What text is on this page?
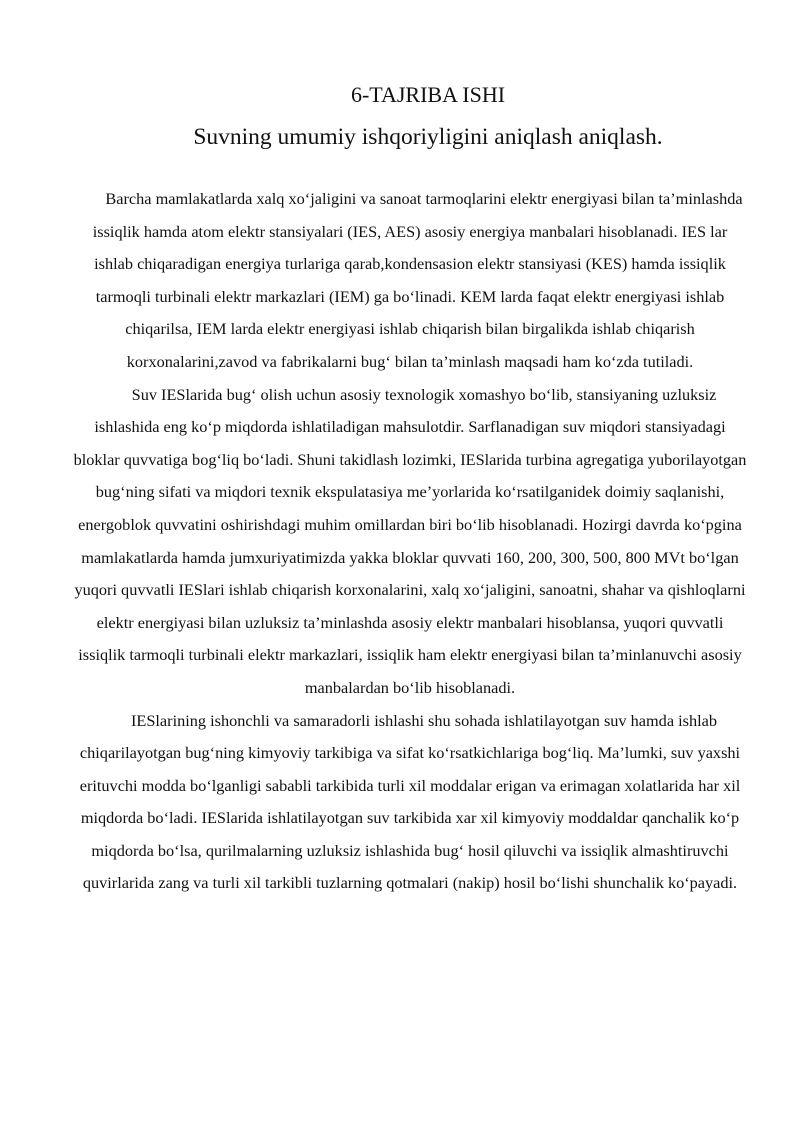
6-TAJRIBA ISHI
Suvning umumiy ishqoriyligini aniqlash aniqlash.

Barcha mamlakatlarda xalq xo‘jaligini va sanoat tarmoqlarini elektr energiyasi bilan ta’minlashda issiqlik hamda atom elektr stansiyalari (IES, AES) asosiy energiya manbalari hisoblanadi. IES lar ishlab chiqaradigan energiya turlariga qarab,kondensasion elektr stansiyasi (KES) hamda issiqlik tarmoqli turbinali elektr markazlari (IEM) ga bo‘linadi. KEM larda faqat elektr energiyasi ishlab chiqarilsa, IEM larda elektr energiyasi ishlab chiqarish bilan birgalikda ishlab chiqarish korxonalarini,zavod va fabrikalarni bug‘ bilan ta’minlash maqsadi ham ko‘zda tutiladi.

Suv IESlarida bug‘ olish uchun asosiy texnologik xomashyo bo‘lib, stansiyaning uzluksiz ishlashida eng ko‘p miqdorda ishlatiladigan mahsulotdir. Sarflanadigan suv miqdori stansiyadagi bloklar quvvatiga bog‘liq bo‘ladi. Shuni takidlash lozimki, IESlarida turbina agregatiga yuborilayotgan bug‘ning sifati va miqdori texnik ekspulatasiya me’yorlarida ko‘rsatilganidek doimiy saqlanishi, energoblok quvvatini oshirishdagi muhim omillardan biri bo‘lib hisoblanadi. Hozirgi davrda ko‘pgina mamlakatlarda hamda jumxuriyatimizda yakka bloklar quvvati 160, 200, 300, 500, 800 MVt bo‘lgan yuqori quvvatli IESlari ishlab chiqarish korxonalarini, xalq xo‘jaligini, sanoatni, shahar va qishloqlarni elektr energiyasi bilan uzluksiz ta’minlashda asosiy elektr manbalari hisoblansa, yuqori quvvatli issiqlik tarmoqli turbinali elektr markazlari, issiqlik ham elektr energiyasi bilan ta’minlanuvchi asosiy manbalardan bo‘lib hisoblanadi.

IESlarining ishonchli va samaradorli ishlashi shu sohada ishlatilayotgan suv hamda ishlab chiqarilayotgan bug‘ning kimyoviy tarkibiga va sifat ko‘rsatkichlariga bog‘liq. Ma’lumki, suv yaxshi erituvchi modda bo‘lganligi sababli tarkibida turli xil moddalar erigan va erimagan xolatlarida har xil miqdorda bo‘ladi. IESlarida ishlatilayotgan suv tarkibida xar xil kimyoviy moddaldar qanchalik ko‘p miqdorda bo‘lsa, qurilmalarning uzluksiz ishlashida bug‘ hosil qiluvchi va issiqlik almashtiruvchi quvirlarida zang va turli xil tarkibli tuzlarning qotmalari (nakip) hosil bo‘lishi shunchalik ko‘payadi.
